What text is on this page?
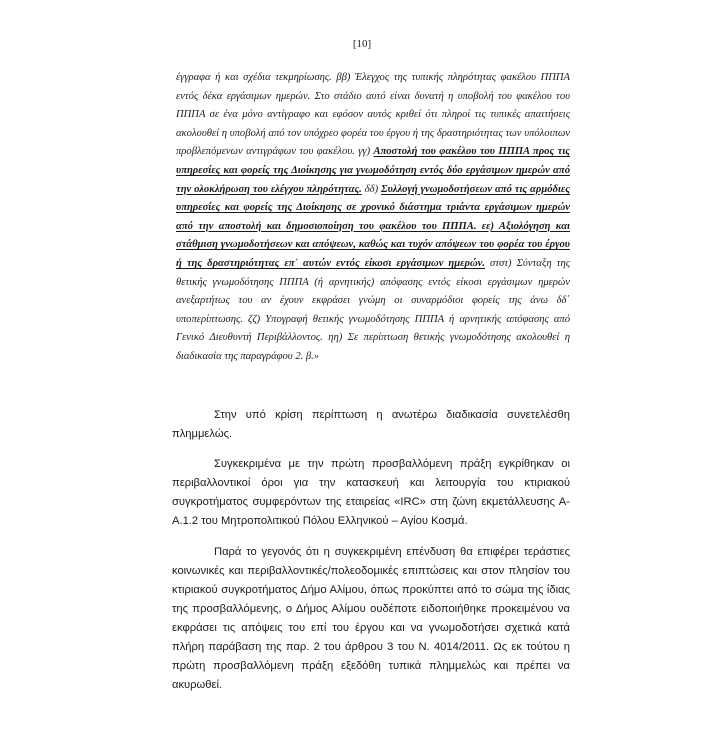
[10]
έγγραφα ή και σχέδια τεκμηρίωσης. ββ) Έλεγχος της τυπικής πληρότητας φακέλου ΠΠΠΑ εντός δέκα εργάσιμων ημερών. Στο στάδιο αυτό είναι δυνατή η υποβολή του φακέλου του ΠΠΠΑ σε ένα μόνο αντίγραφο και εφόσον αυτός κριθεί ότι πληροί τις τυπικές απαιτήσεις ακολουθεί η υποβολή από τον υπόχρεο φορέα του έργου ή της δραστηριότητας των υπόλοιπων προβλεπόμενων αντιγράφων του φακέλου. γγ) Αποστολή του φακέλου του ΠΠΠΑ προς τις υπηρεσίες και φορείς της Διοίκησης για γνωμοδότηση εντός δύο εργάσιμων ημερών από την ολοκλήρωση του ελέγχου πληρότητας. δδ) Συλλογή γνωμοδοτήσεων από τις αρμόδιες υπηρεσίες και φορείς της Διοίκησης σε χρονικό διάστημα τριάντα εργάσιμων ημερών από την αποστολή και δημοσιοποίηση του φακέλου του ΠΠΠΑ. εε) Αξιολόγηση και στάθμιση γνωμοδοτήσεων και απόψεων, καθώς και τυχόν απόψεων του φορέα του έργου ή της δραστηριότητας επ᾽ αυτών εντός είκοσι εργάσιμων ημερών. στστ) Σύνταξη της θετικής γνωμοδότησης ΠΠΠΑ (ή αρνητικής) απόφασης εντός είκοσι εργάσιμων ημερών ανεξαρτήτως του αν έχουν εκφράσει γνώμη οι συναρμόδιοι φορείς της άνω δδ΄ υποπερίπτωσης. ζζ) Υπογραφή θετικής γνωμοδότησης ΠΠΠΑ ή αρνητικής απόφασης από Γενικό Διευθυντή Περιβάλλοντος. ηη) Σε περίπτωση θετικής γνωμοδότησης ακολουθεί η διαδικασία της παραγράφου 2. β.»

Στην υπό κρίση περίπτωση η ανωτέρω διαδικασία συνετελέσθη πλημμελώς.

Συγκεκριμένα με την πρώτη προσβαλλόμενη πράξη εγκρίθηκαν οι περιβαλλοντικοί όροι για την κατασκευή και λειτουργία του κτιριακού συγκροτήματος συμφερόντων της εταιρείας «IRC» στη ζώνη εκμετάλλευσης Α-Α.1.2 του Μητροπολιτικού Πόλου Ελληνικού – Αγίου Κοσμά.

Παρά το γεγονός ότι η συγκεκριμένη επένδυση θα επιφέρει τεράστιες κοινωνικές και περιβαλλοντικές/πολεοδομικές επιπτώσεις και στον πλησίον του κτιριακού συγκροτήματος Δήμο Αλίμου, όπως προκύπτει από το σώμα της ίδιας της προσβαλλόμενης, ο Δήμος Αλίμου ουδέποτε ειδοποιήθηκε προκειμένου να εκφράσει τις απόψεις του επί του έργου και να γνωμοδοτήσει σχετικά κατά πλήρη παράβαση της παρ. 2 του άρθρου 3 του Ν. 4014/2011. Ως εκ τούτου η πρώτη προσβαλλόμενη πράξη εξεδόθη τυπικά πλημμελώς και πρέπει να ακυρωθεί.
